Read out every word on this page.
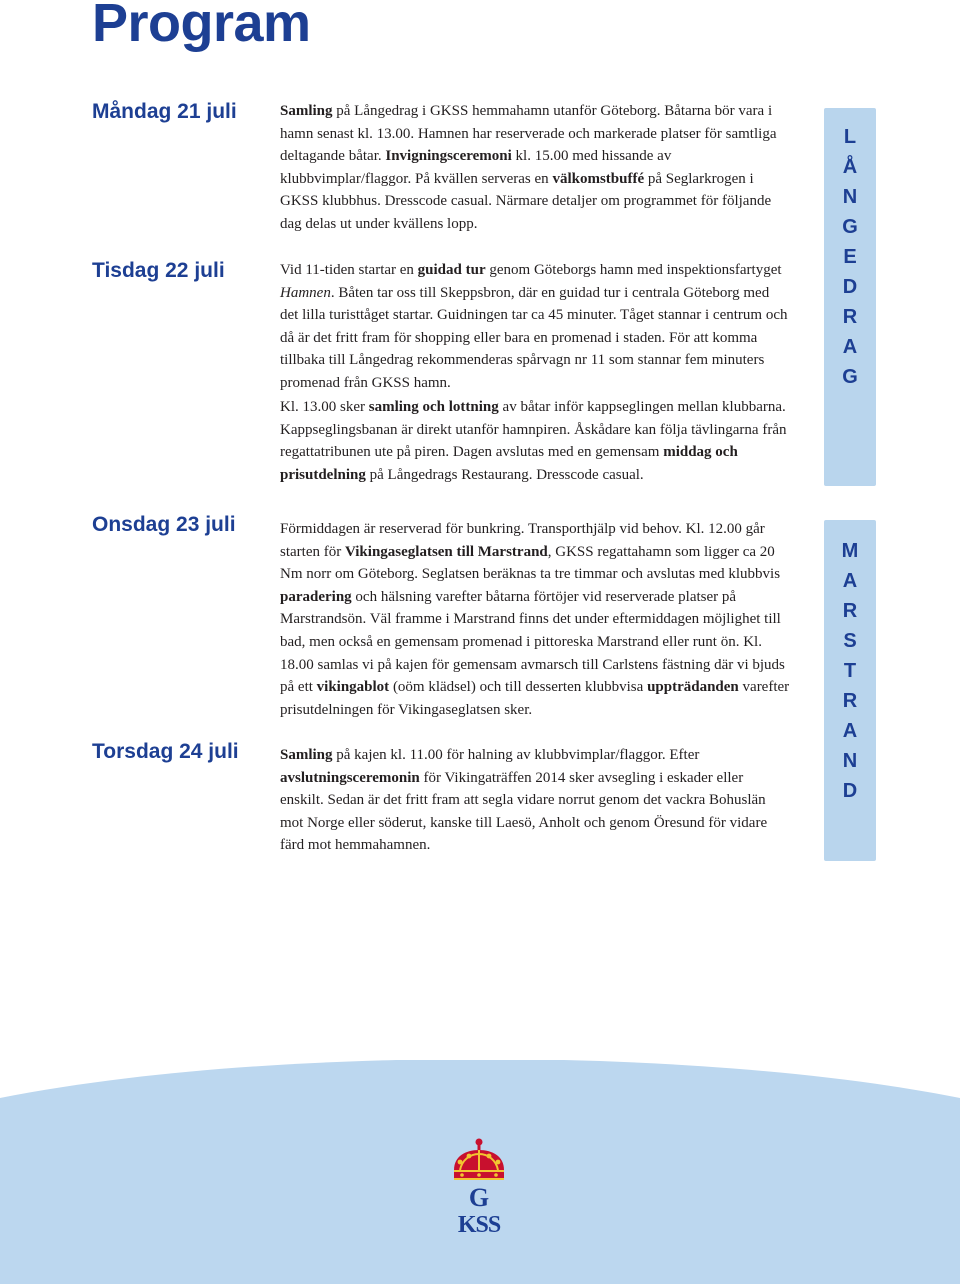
Program
Måndag 21 juli
Tisdag 22 juli
Onsdag 23 juli
Torsdag 24 juli

Samling på Långedrag i GKSS hemmahamn utanför Göteborg. Båtarna bör vara i hamn senast kl. 13.00. Hamnen har reserverade och markerade platser för samtliga deltagande båtar. Invigningsceremoni kl. 15.00 med hissande av klubbvimplar/flaggor. På kvällen serveras en välkomstbuffé på Seglarkrogen i GKSS klubbhus. Dresscode casual. Närmare detaljer om programmet för följande dag delas ut under kvällens lopp.

Vid 11-tiden startar en guidad tur genom Göteborgs hamn med inspektionsfartyget Hamnen. Båten tar oss till Skeppsbron, där en guidad tur i centrala Göteborg med det lilla turisttåget startar. Guidningen tar ca 45 minuter. Tåget stannar i centrum och då är det fritt fram för shopping eller bara en promenad i staden. För att komma tillbaka till Långedrag rekommenderas spårvagn nr 11 som stannar fem minuters promenad från GKSS hamn.

Kl. 13.00 sker samling och lottning av båtar inför kappseglingen mellan klubbarna. Kappseglingsbanan är direkt utanför hamnpiren. Åskådare kan följa tävlingarna från regattatribunen ute på piren. Dagen avslutas med en gemensam middag och prisutdelning på Långedrags Restaurang. Dresscode casual.

Förmiddagen är reserverad för bunkring. Transporthjälp vid behov. Kl. 12.00 går starten för Vikingaseglatsen till Marstrand, GKSS regattahamn som ligger ca 20 Nm norr om Göteborg. Seglatsen beräknas ta tre timmar och avslutas med klubbvis paradering och hälsning varefter båtarna förtöjer vid reserverade platser på Marstrandsön. Väl framme i Marstrand finns det under eftermiddagen möjlighet till bad, men också en gemensam promenad i pittoreska Marstrand eller runt ön. Kl. 18.00 samlas vi på kajen för gemensam avmarsch till Carlstens fästning där vi bjuds på ett vikingablot (oöm klädsel) och till desserten klubbvisa uppträdanden varefter prisutdelningen för Vikingaseglatsen sker.

Samling på kajen kl. 11.00 för halning av klubbvimplar/flaggor. Efter avslutningsceremonin för Vikingaträffen 2014 sker avsegling i eskader eller enskilt. Sedan är det fritt fram att segla vidare norrut genom det vackra Bohuslän mot Norge eller söderut, kanske till Laesö, Anholt och genom Öresund för vidare färd mot hemmahamnen.

L
Å
N
G
E
D
R
A
G
M
A
R
S
T
R
A
N
D
G
KSS
